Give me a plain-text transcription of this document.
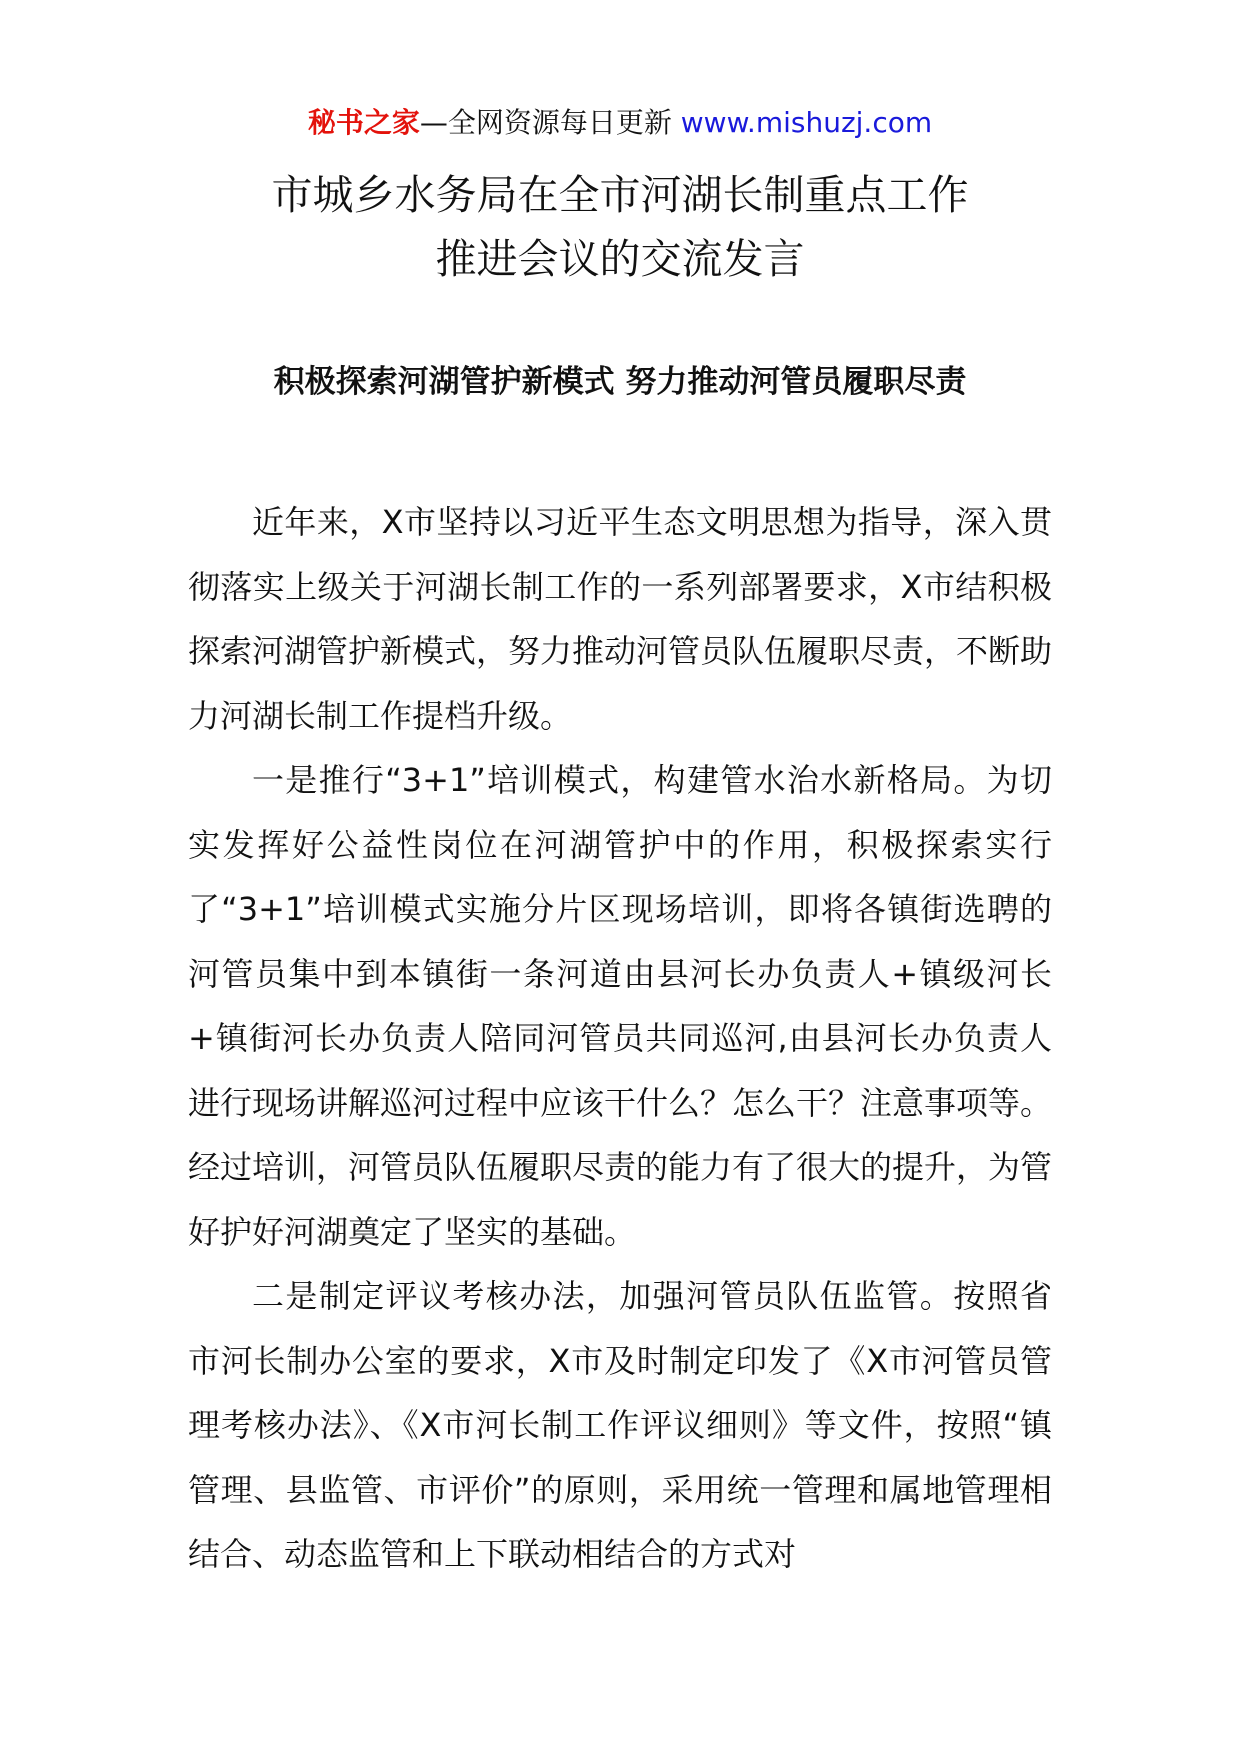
秘书之家—全网资源每日更新 www.mishuzj.com
市城乡水务局在全市河湖长制重点工作
推进会议的交流发言
积极探索河湖管护新模式 努力推动河管员履职尽责

近年来，X市坚持以习近平生态文明思想为指导，深入贯彻落实上级关于河湖长制工作的一系列部署要求，X市结积极探索河湖管护新模式，努力推动河管员队伍履职尽责，不断助力河湖长制工作提档升级。

一是推行“3+1”培训模式，构建管水治水新格局。为切实发挥好公益性岗位在河湖管护中的作用，积极探索实行了“3+1”培训模式实施分片区现场培训，即将各镇街选聘的河管员集中到本镇街一条河道由县河长办负责人+镇级河长+镇街河长办负责人陪同河管员共同巡河,由县河长办负责人进行现场讲解巡河过程中应该干什么？怎么干？注意事项等。经过培训，河管员队伍履职尽责的能力有了很大的提升，为管好护好河湖奠定了坚实的基础。

二是制定评议考核办法，加强河管员队伍监管。按照省市河长制办公室的要求，X市及时制定印发了《X市河管员管理考核办法》、《X市河长制工作评议细则》等文件，按照“镇管理、县监管、市评价”的原则，采用统一管理和属地管理相结合、动态监管和上下联动相结合的方式对
